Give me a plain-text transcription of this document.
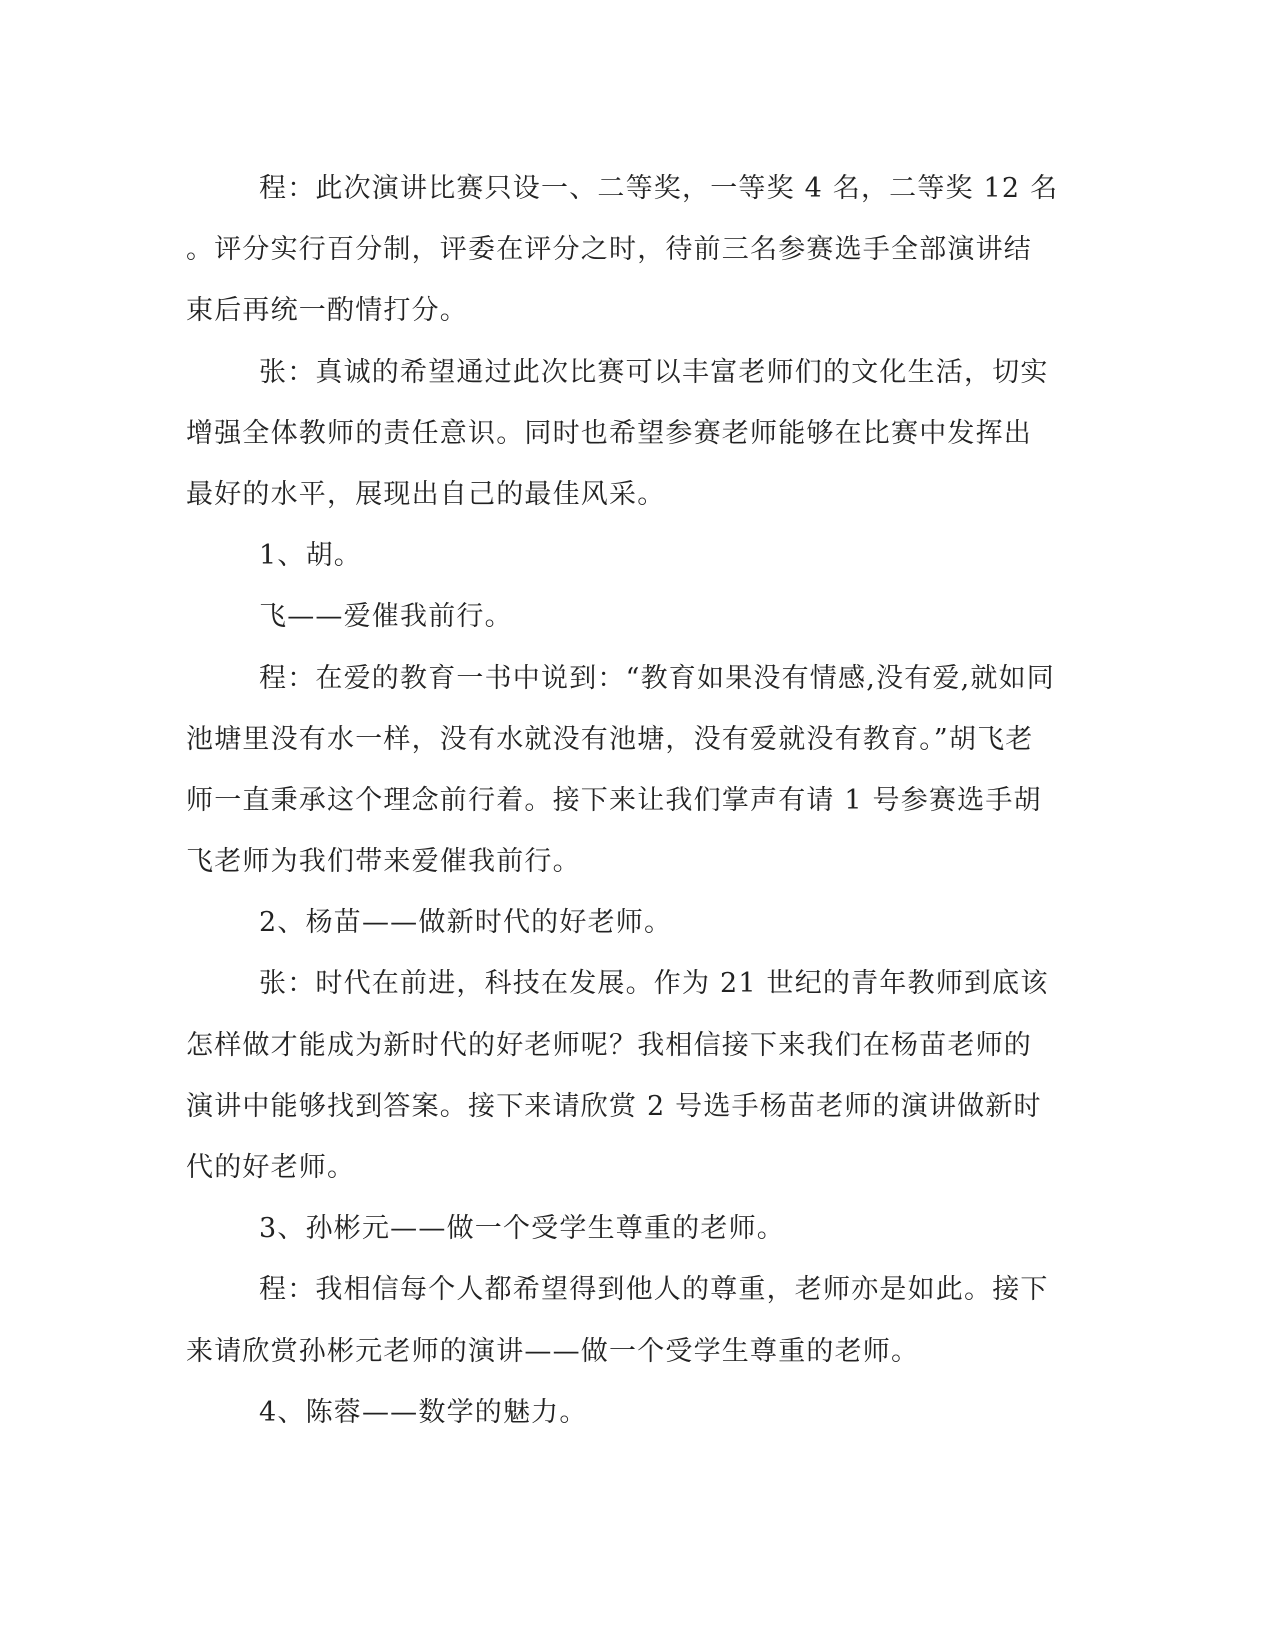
程：此次演讲比赛只设一、二等奖，一等奖 4 名，二等奖 12 名
。评分实行百分制，评委在评分之时，待前三名参赛选手全部演讲结
束后再统一酌情打分。
张：真诚的希望通过此次比赛可以丰富老师们的文化生活，切实
增强全体教师的责任意识。同时也希望参赛老师能够在比赛中发挥出
最好的水平，展现出自己的最佳风采。
1、胡。
飞——爱催我前行。
程：在爱的教育一书中说到：“教育如果没有情感,没有爱,就如同
池塘里没有水一样，没有水就没有池塘，没有爱就没有教育。”胡飞老
师一直秉承这个理念前行着。接下来让我们掌声有请 1 号参赛选手胡
飞老师为我们带来爱催我前行。
2、杨苗——做新时代的好老师。
张：时代在前进，科技在发展。作为 21 世纪的青年教师到底该
怎样做才能成为新时代的好老师呢？我相信接下来我们在杨苗老师的
演讲中能够找到答案。接下来请欣赏 2 号选手杨苗老师的演讲做新时
代的好老师。
3、孙彬元——做一个受学生尊重的老师。
程：我相信每个人都希望得到他人的尊重，老师亦是如此。接下
来请欣赏孙彬元老师的演讲——做一个受学生尊重的老师。
4、陈蓉——数学的魅力。
